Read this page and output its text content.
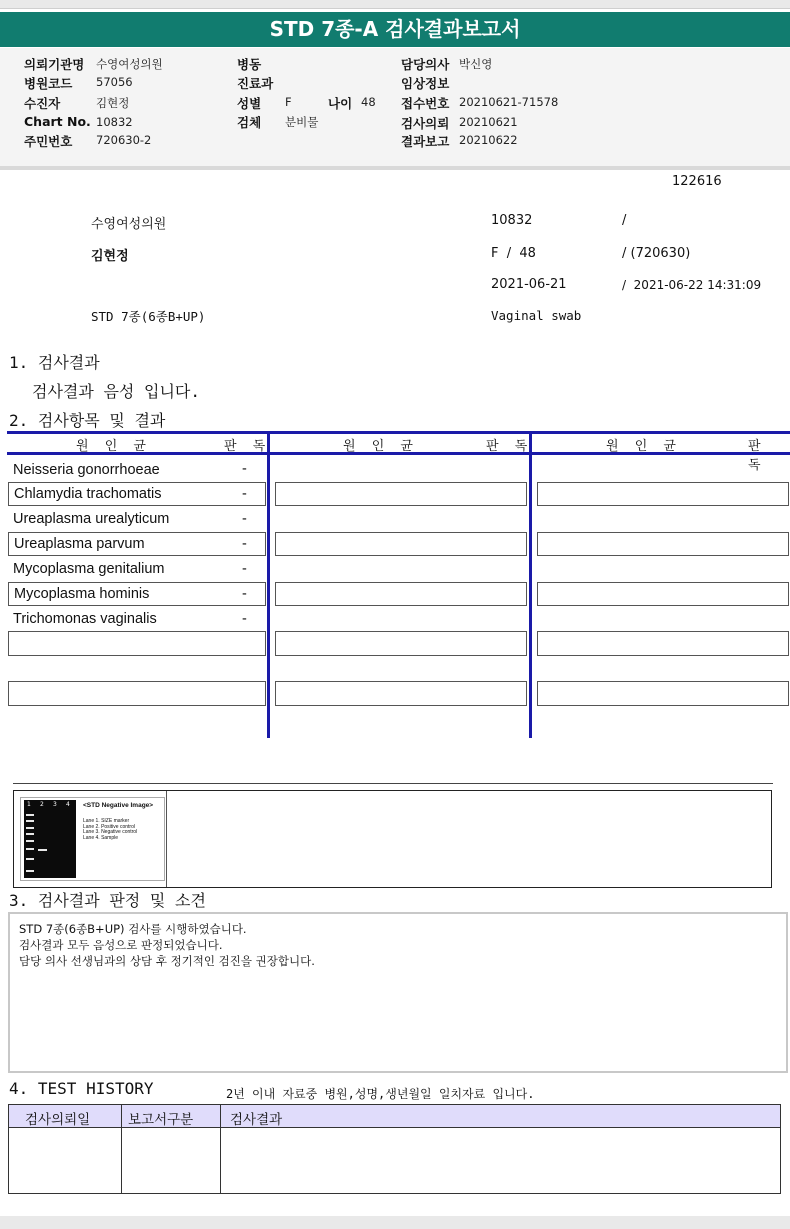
STD 7종-A 검사결과보고서
의뢰기관명 수영여성의원
병원코드 57056
수진자	김현정
Chart No. 10832
주민번호 720630-2
병동
진료과
성별 F	나이 48
검체 분비물
담당의사 박신영
임상정보
접수번호 20210621-71578
검사의뢰 20210621
결과보고 20210622
122616
수영여성의원	10832	/
김현정	F  /  48	/ (720630)
2021-06-21	/  2021-06-22 14:31:09
STD 7종(6종B+UP)	Vaginal swab
1. 검사결과
검사결과 음성 입니다.
2. 검사항목 및 결과
원 인 균	판 독	원 인 균	판 독	원 인 균	판 독
Neisseria gonorrhoeae	-
Chlamydia trachomatis	-
Ureaplasma urealyticum	-
Ureaplasma parvum	-
Mycoplasma genitalium	-
Mycoplasma hominis	-
Trichomonas vaginalis	-
1 2 3 4 <STD Negative Image>
Lane 1. SIZE marker
Lane 2. Positive control
Lane 3. Negative control
Lane 4. Sample
3. 검사결과 판정 및 소견
STD 7종(6종B+UP) 검사를 시행하였습니다.
검사결과 모두 음성으로 판정되었습니다.
담당 의사 선생님과의 상담 후 정기적인 검진을 권장합니다.
4. TEST HISTORY	2년 이내 자료중 병원,성명,생년월일 일치자료 입니다.
검사의뢰일	보고서구분	검사결과
